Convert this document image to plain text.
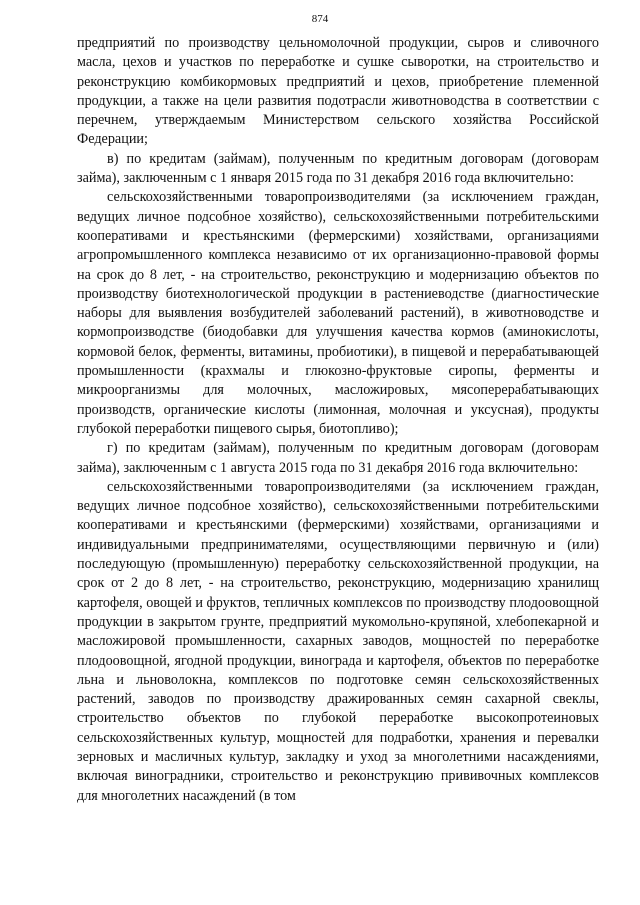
874

предприятий по производству цельномолочной продукции, сыров и сливочного масла, цехов и участков по переработке и сушке сыворотки, на строительство и реконструкцию комбикормовых предприятий и цехов, приобретение племенной продукции, а также на цели развития подотрасли животноводства в соответствии с перечнем, утверждаемым Министерством сельского хозяйства Российской Федерации;

в) по кредитам (займам), полученным по кредитным договорам (договорам займа), заключенным с 1 января 2015 года по 31 декабря 2016 года включительно:

сельскохозяйственными товаропроизводителями (за исключением граждан, ведущих личное подсобное хозяйство), сельскохозяйственными потребительскими кооперативами и крестьянскими (фермерскими) хозяйствами, организациями агропромышленного комплекса независимо от их организационно-правовой формы на срок до 8 лет, - на строительство, реконструкцию и модернизацию объектов по производству биотехнологической продукции в растениеводстве (диагностические наборы для выявления возбудителей заболеваний растений), в животноводстве и кормопроизводстве (биодобавки для улучшения качества кормов (аминокислоты, кормовой белок, ферменты, витамины, пробиотики), в пищевой и перерабатывающей промышленности (крахмалы и глюкозно-фруктовые сиропы, ферменты и микроорганизмы для молочных, масложировых, мясоперерабатывающих производств, органические кислоты (лимонная, молочная и уксусная), продукты глубокой переработки пищевого сырья, биотопливо);

г) по кредитам (займам), полученным по кредитным договорам (договорам займа), заключенным с 1 августа 2015 года по 31 декабря 2016 года включительно:

сельскохозяйственными товаропроизводителями (за исключением граждан, ведущих личное подсобное хозяйство), сельскохозяйственными потребительскими кооперативами и крестьянскими (фермерскими) хозяйствами, организациями и индивидуальными предпринимателями, осуществляющими первичную и (или) последующую (промышленную) переработку сельскохозяйственной продукции, на срок от 2 до 8 лет, - на строительство, реконструкцию, модернизацию хранилищ картофеля, овощей и фруктов, тепличных комплексов по производству плодоовощной продукции в закрытом грунте, предприятий мукомольно-крупяной, хлебопекарной и масложировой промышленности, сахарных заводов, мощностей по переработке плодоовощной, ягодной продукции, винограда и картофеля, объектов по переработке льна и льноволокна, комплексов по подготовке семян сельскохозяйственных растений, заводов по производству дражированных семян сахарной свеклы, строительство объектов по глубокой переработке высокопротеиновых сельскохозяйственных культур, мощностей для подработки, хранения и перевалки зерновых и масличных культур, закладку и уход за многолетними насаждениями, включая виноградники, строительство и реконструкцию прививочных комплексов для многолетних насаждений (в том
